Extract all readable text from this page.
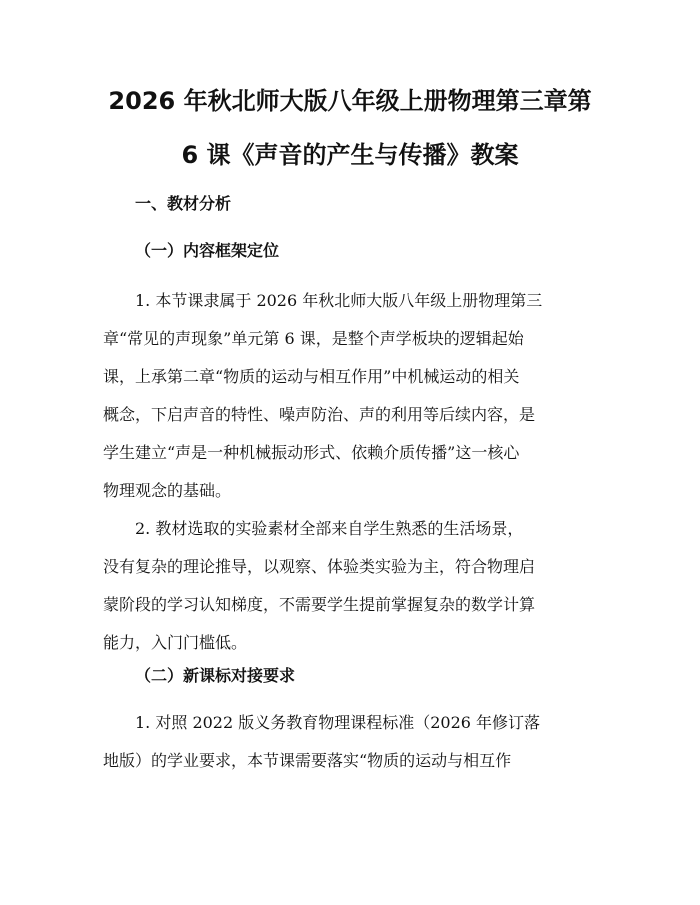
2026 年秋北师大版八年级上册物理第三章第
6 课《声音的产生与传播》教案
一、教材分析
（一）内容框架定位

1. 本节课隶属于 2026 年秋北师大版八年级上册物理第三
章“常见的声现象”单元第 6 课，是整个声学板块的逻辑起始
课，上承第二章“物质的运动与相互作用”中机械运动的相关
概念，下启声音的特性、噪声防治、声的利用等后续内容，是
学生建立“声是一种机械振动形式、依赖介质传播”这一核心
物理观念的基础。

2. 教材选取的实验素材全部来自学生熟悉的生活场景，
没有复杂的理论推导，以观察、体验类实验为主，符合物理启
蒙阶段的学习认知梯度，不需要学生提前掌握复杂的数学计算
能力，入门门槛低。

（二）新课标对接要求

1. 对照 2022 版义务教育物理课程标准（2026 年修订落
地版）的学业要求，本节课需要落实“物质的运动与相互作
